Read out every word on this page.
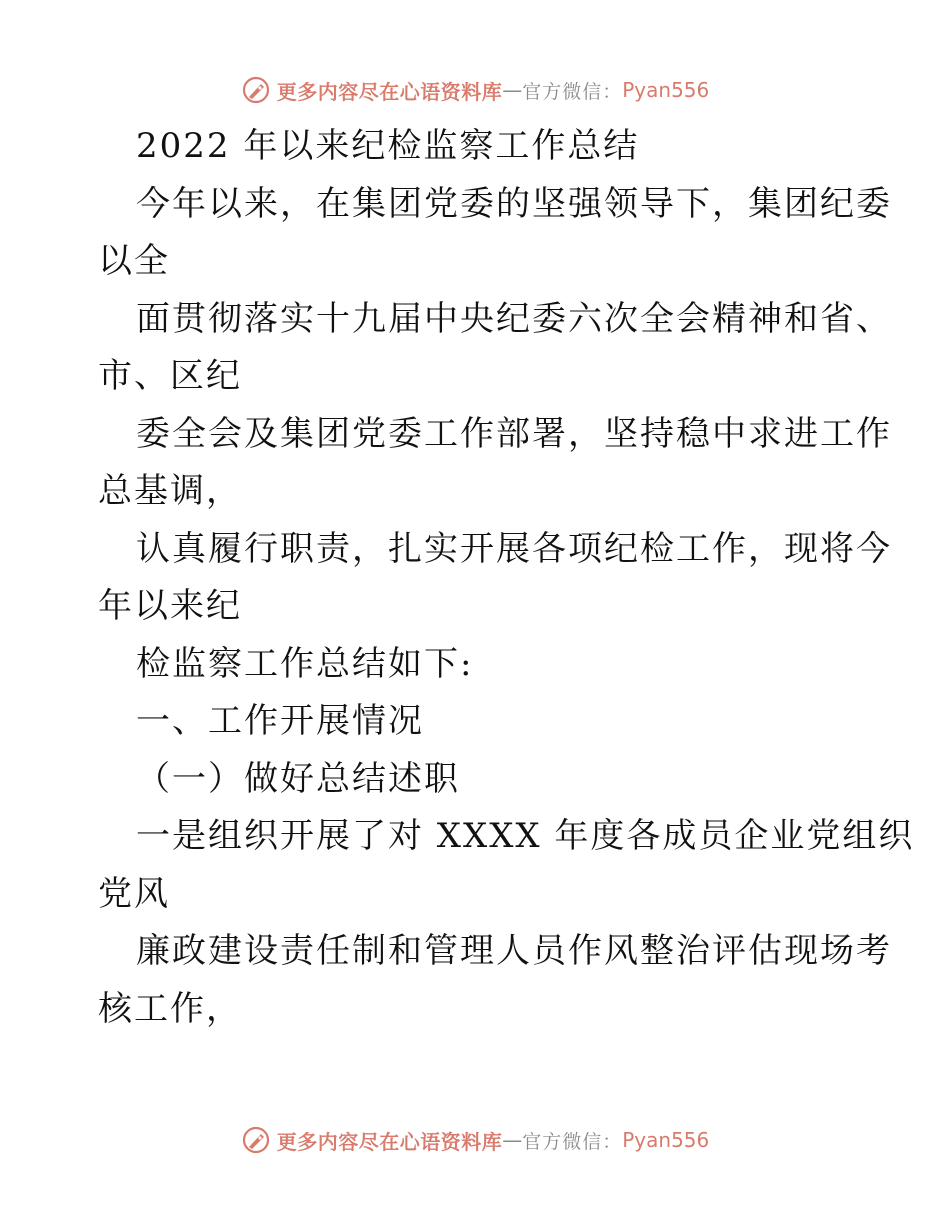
更多内容尽在心语资料库 — 官方微信： Pyan556
2022 年以来纪检监察工作总结
今年以来，在集团党委的坚强领导下，集团纪委
以全
面贯彻落实十九届中央纪委六次全会精神和省、
市、区纪
委全会及集团党委工作部署，坚持稳中求进工作
总基调，
认真履行职责，扎实开展各项纪检工作，现将今
年以来纪
检监察工作总结如下:
一、工作开展情况
（一）做好总结述职
一是组织开展了对 XXXX 年度各成员企业党组织
党风
廉政建设责任制和管理人员作风整治评估现场考
核工作，
更多内容尽在心语资料库 — 官方微信： Pyan556
